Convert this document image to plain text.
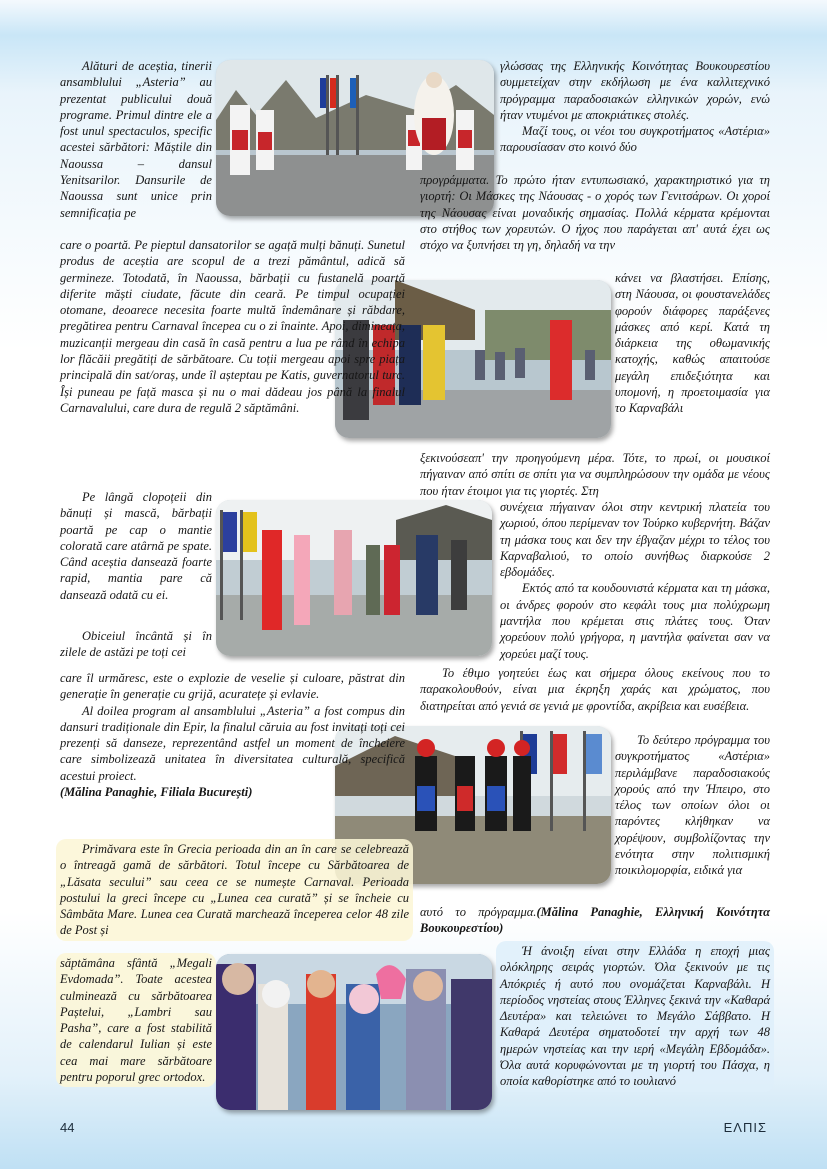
Alături de aceștia, tinerii ansamblului „Asteria” au prezentat publicului două programe. Primul dintre ele a fost unul spectaculos, specific acestei sărbători: Măștile din Naoussa – dansul Yenitsarilor. Dansurile de Naoussa sunt unice prin semnificația pe

care o poartă. Pe pieptul dansatorilor se agață mulți bănuți. Sunetul produs de aceștia are scopul de a trezi pământul, adică să germineze. Totodată, în Naoussa, bărbații cu fustanelă poartă diferite măști ciudate, făcute din ceară. Pe timpul ocupației otomane, deoarece necesita foarte multă îndemânare și răbdare, pregătirea pentru Carnaval începea cu o zi înainte. Apoi, dimineața, muzicanții mergeau din casă în casă pentru a lua pe rând în echipa lor flăcăii pregătiți de sărbătoare. Cu toții mergeau apoi spre piața principală din sat/oraș, unde îl așteptau pe Katis, guvernatorul turc. Își puneau pe față masca și nu o mai dădeau jos până la finalul Carnavalului, care dura de regulă 2 săptămâni.

Pe lângă clopoțeii din bănuți și mască, bărbații poartă pe cap o mantie colorată care atârnă pe spate. Când aceștia dansează foarte rapid, mantia pare că dansează odată cu ei.

Obiceiul încântă și în zilele de astăzi pe toți cei

care îl urmăresc, este o explozie de veselie și culoare, păstrat din generație în generație cu grijă, acuratețe și evlavie.

Al doilea program al ansamblului „Asteria” a fost compus din dansuri tradiționale din Epir, la finalul căruia au fost invitați toți cei prezenți să danseze, reprezentând astfel un moment de încheiere care simbolizează unitatea în diversitatea culturală, specifică acestui proiect.

(Mălina Panaghie, Filiala București)

Primăvara este în Grecia perioada din an în care se celebrează o întreagă gamă de sărbători. Totul începe cu Sărbătoarea de „Lăsata secului” sau ceea ce se numește Carnaval. Perioada postului la greci începe cu „Lunea cea curată” și se încheie cu Sâmbăta Mare. Lunea cea Curată marchează începerea celor 48 zile de Post și

săptămâna sfântă „Megali Evdomada”. Toate acestea culminează cu sărbătoarea Paștelui, „Lambri sau Pasha”, care a fost stabilită de calendarul Iulian și este cea mai mare sărbătoare pentru poporul grec ortodox.

γλώσσας της Ελληνικής Κοινότητας Βουκουρεστίου συμμετείχαν στην εκδήλωση με ένα καλλιτεχνικό πρόγραμμα παραδοσιακών ελληνικών χορών, ενώ ήταν ντυμένοι με αποκριάτικες στολές.

Μαζί τους, οι νέοι του συγκροτήματος «Αστέρια» παρουσίασαν στο κοινό δύο

προγράμματα. Το πρώτο ήταν εντυπωσιακό, χαρακτηριστικό για τη γιορτή: Οι Μάσκες της Νάουσας - ο χορός των Γενιτσάρων. Οι χοροί της Νάουσας είναι μοναδικής σημασίας. Πολλά κέρματα κρέμονται στο στήθος των χορευτών. Ο ήχος που παράγεται απ' αυτά έχει ως στόχο να ξυπνήσει τη γη, δηλαδή να την

κάνει να βλαστήσει. Επίσης, στη Νάουσα, οι φουστανελάδες φορούν διάφορες παράξενες μάσκες από κερί. Κατά τη διάρκεια της οθωμανικής κατοχής, καθώς απαιτούσε μεγάλη επιδεξιότητα και υπομονή, η προετοιμασία για το Καρναβάλι

ξεκινούσεαπ' την προηγούμενη μέρα. Τότε, το πρωί, οι μουσικοί πήγαιναν από σπίτι σε σπίτι για να συμπληρώσουν την ομάδα με νέους που ήταν έτοιμοι για τις γιορτές. Στη

συνέχεια πήγαιναν όλοι στην κεντρική πλατεία του χωριού, όπου περίμεναν τον Τούρκο κυβερνήτη. Βάζαν τη μάσκα τους και δεν την έβγαζαν μέχρι το τέλος του Καρναβαλιού, το οποίο συνήθως διαρκούσε 2 εβδομάδες.

Εκτός από τα κουδουνιστά κέρματα και τη μάσκα, οι άνδρες φορούν στο κεφάλι τους μια πολύχρωμη μαντήλα που κρέμεται στις πλάτες τους. Όταν χορεύουν πολύ γρήγορα, η μαντήλα φαίνεται σαν να χορεύει μαζί τους.

Το έθιμο γοητεύει έως και σήμερα όλους εκείνους που το παρακολουθούν, είναι μια έκρηξη χαράς και χρώματος, που διατηρείται από γενιά σε γενιά με φροντίδα, ακρίβεια και ευσέβεια.

Το δεύτερο πρόγραμμα του συγκροτήματος «Αστέρια» περιλάμβανε παραδοσιακούς χορούς από την Ήπειρο, στο τέλος των οποίων όλοι οι παρόντες κλήθηκαν να χορέψουν, συμβολίζοντας την ενότητα στην πολιτισμική ποικιλομορφία, ειδικά για

αυτό το πρόγραμμα.(Mălina Panaghie, Ελληνική Κοινότητα Βουκουρεστίου)

Ή άνοιξη είναι στην Ελλάδα η εποχή μιας ολόκληρης σειράς γιορτών. Όλα ξεκινούν με τις Απόκριές ή αυτό που ονομάζεται Καρναβάλι. Η περίοδος νηστείας στους Έλληνες ξεκινά την «Καθαρά Δευτέρα» και τελειώνει το Μεγάλο Σάββατο. Η Καθαρά Δευτέρα σηματοδοτεί την αρχή των 48 ημερών νηστείας και την ιερή «Μεγάλη Εβδομάδα». Όλα αυτά κορυφώνονται με τη γιορτή του Πάσχα, η οποία καθορίστηκε από το ιουλιανό

44	ΕΛΠΙΣ
